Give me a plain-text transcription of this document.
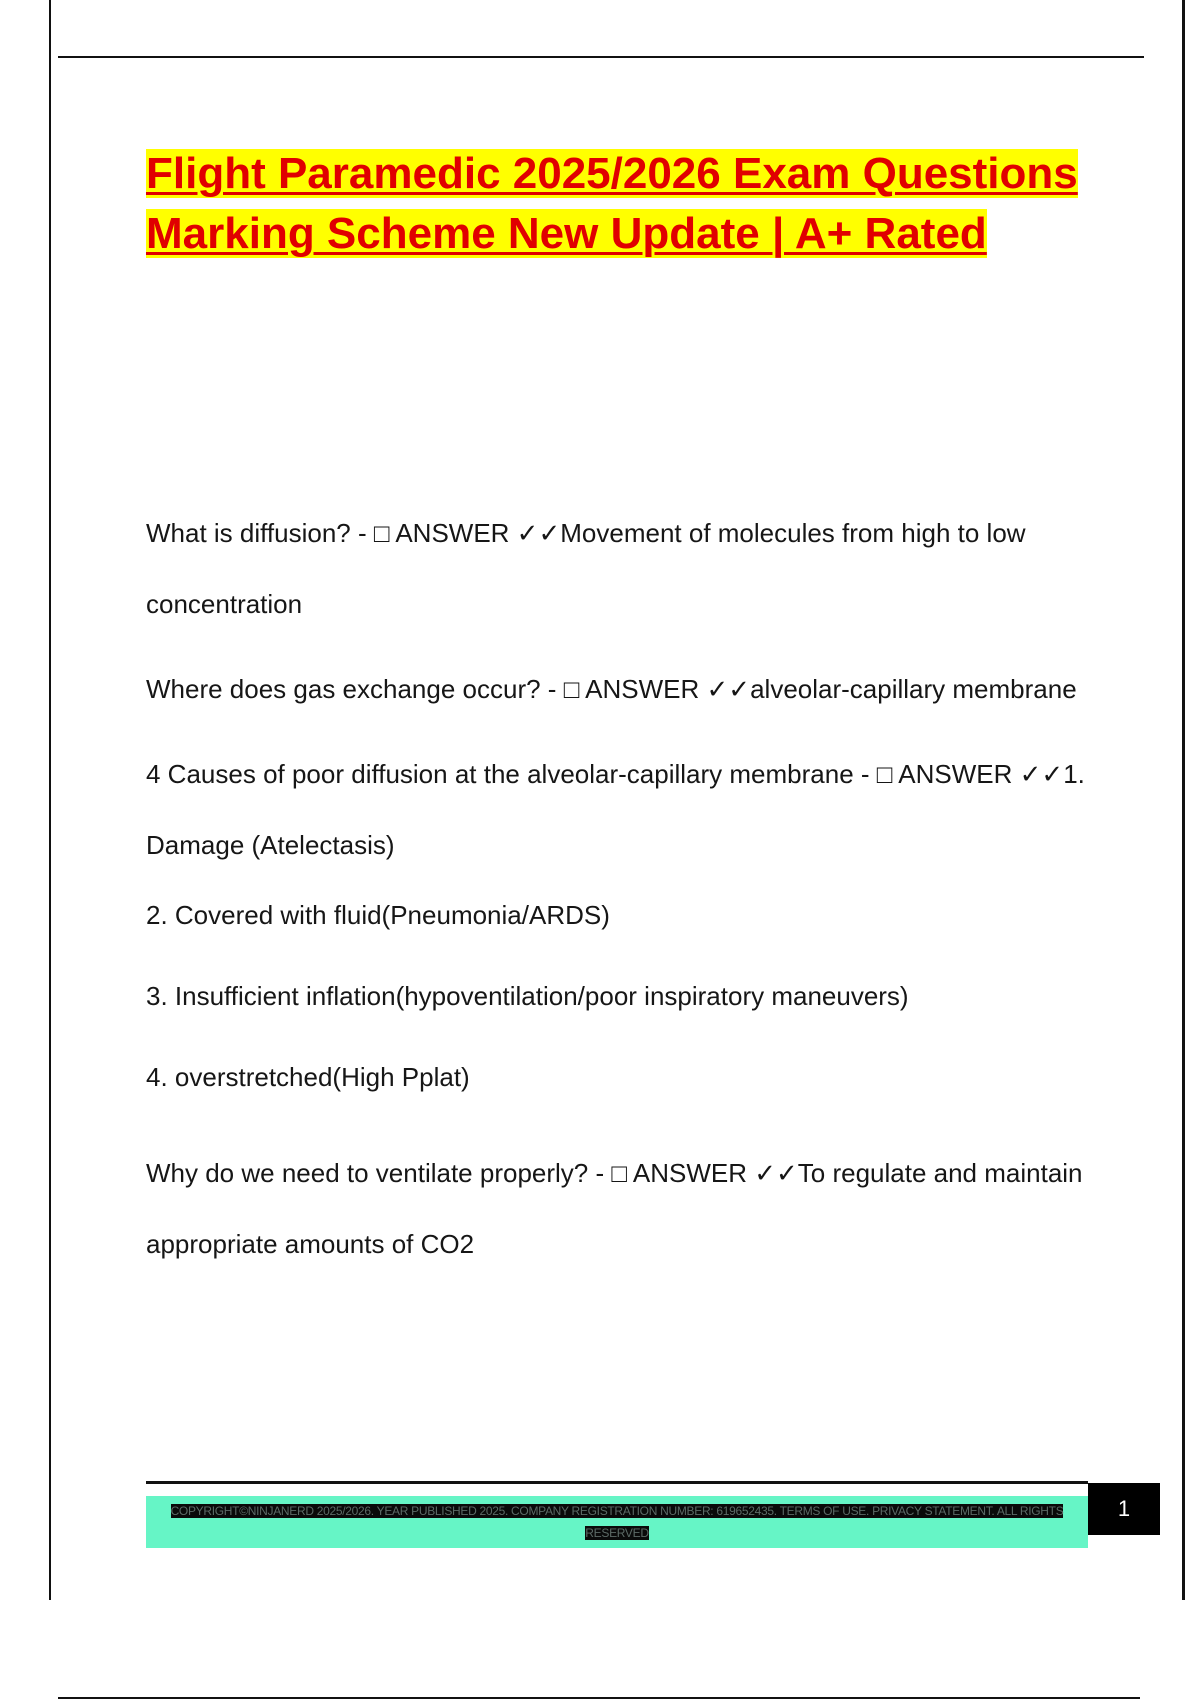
Flight Paramedic 2025/2026 Exam Questions Marking Scheme New Update | A+ Rated
What is diffusion? - □ ANSWER ✓✓Movement of molecules from high to low concentration
Where does gas exchange occur? - □ ANSWER ✓✓alveolar-capillary membrane
4 Causes of poor diffusion at the alveolar-capillary membrane - □ ANSWER ✓✓1. Damage (Atelectasis)
2. Covered with fluid(Pneumonia/ARDS)
3. Insufficient inflation(hypoventilation/poor inspiratory maneuvers)
4. overstretched(High Pplat)
Why do we need to ventilate properly? - □ ANSWER ✓✓To regulate and maintain appropriate amounts of CO2
COPYRIGHT©NINJANERD 2025/2026. YEAR PUBLISHED 2025. COMPANY REGISTRATION NUMBER: 619652435. TERMS OF USE. PRIVACY STATEMENT. ALL RIGHTS RESERVED
1
